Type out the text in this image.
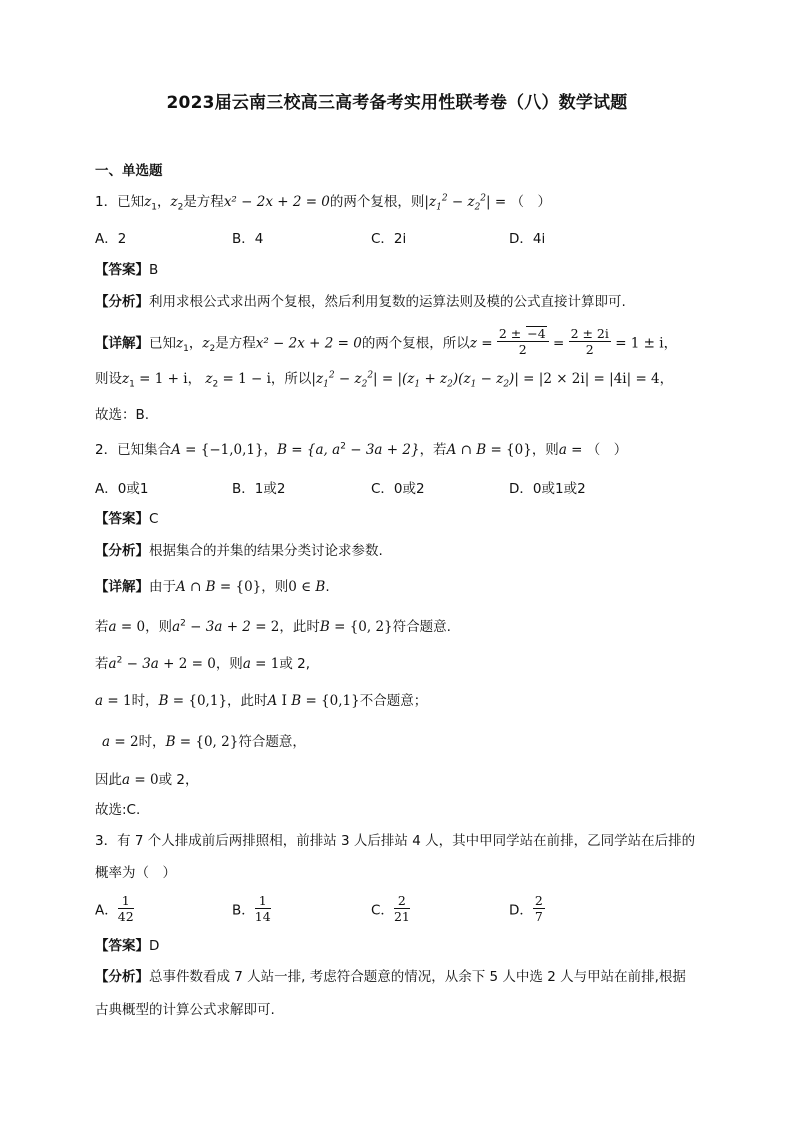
2023届云南三校高三高考备考实用性联考卷（八）数学试题
一、单选题
1．已知$z_1$，$z_2$是方程x² − 2x + 2 = 0的两个复根，则$|z_1^2 - z_2^2|$ = （　）
A．2	B．4	C．2i	D．4i
【答案】B
【分析】利用求根公式求出两个复根，然后利用复数的运算法则及模的公式直接计算即可.
【详解】已知$z_1$，$z_2$是方程x² − 2x + 2 = 0的两个复根，所以$z = \frac{2 \pm -4}{2} = \frac{2 \pm 2i}{2} = 1 \pm i$，
则设$z_1 = 1 + i$， $z_2 = 1 - i$，所以$|z_1^2 - z_2^2| = |(z_1 + z_2)(z_1 - z_2)| = |2 \times 2i| = |4i| = 4$，
故选：B.
2．已知集合A = {−1,0,1}，B = {a, $a^2 - 3a + 2$}，若A ∩ B = {0}，则a = （　）
A．0或1	B．1或2	C．0或2	D．0或1或2
【答案】C
【分析】根据集合的并集的结果分类讨论求参数.
【详解】由于A ∩ B = {0}，则0 ∈ B.
若a = 0，则$a^2 - 3a + 2 = 2$，此时B = {0, 2}符合题意.
若$a^2 - 3a + 2 = 0$，则a = 1或 2,
a = 1时，B = {0,1}，此时A I B = {0,1}不合题意；
a = 2时，B = {0, 2}符合题意，
因此a = 0或 2，
故选:C.
3．有 7 个人排成前后两排照相，前排站 3 人后排站 4 人，其中甲同学站在前排，乙同学站在后排的
概率为（　）
A． $\frac{1}{42}$	B． $\frac{1}{14}$	C． $\frac{2}{21}$	D． $\frac{2}{7}$
【答案】D
【分析】总事件数看成 7 人站一排, 考虑符合题意的情况，从余下 5 人中选 2 人与甲站在前排,根据
古典概型的计算公式求解即可.
